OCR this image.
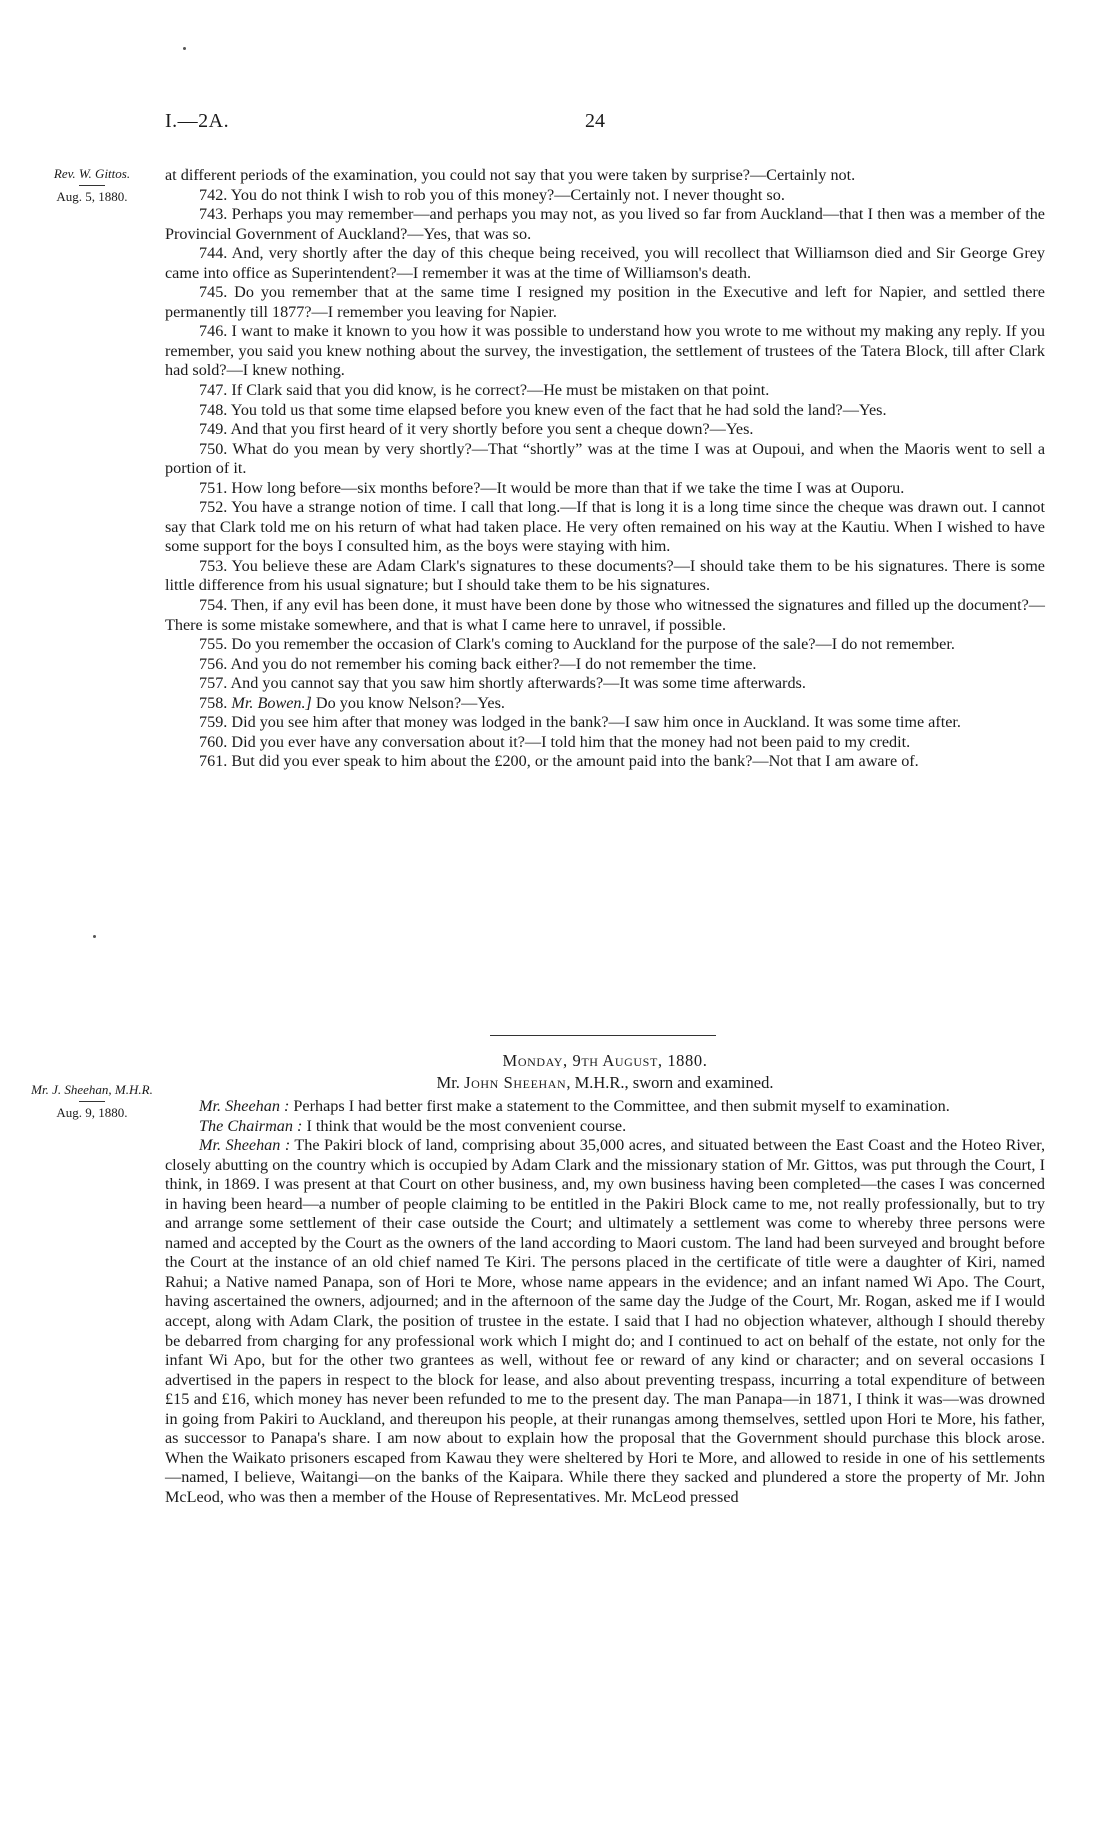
I.—2A.	24
Rev. W. Gittos.
Aug. 5, 1880.

at different periods of the examination, you could not say that you were taken by surprise?—Certainly not.

742. You do not think I wish to rob you of this money?—Certainly not. I never thought so.

743. Perhaps you may remember—and perhaps you may not, as you lived so far from Auckland—that I then was a member of the Provincial Government of Auckland?—Yes, that was so.

744. And, very shortly after the day of this cheque being received, you will recollect that Williamson died and Sir George Grey came into office as Superintendent?—I remember it was at the time of Williamson's death.

745. Do you remember that at the same time I resigned my position in the Executive and left for Napier, and settled there permanently till 1877?—I remember you leaving for Napier.

746. I want to make it known to you how it was possible to understand how you wrote to me without my making any reply. If you remember, you said you knew nothing about the survey, the investigation, the settlement of trustees of the Tatera Block, till after Clark had sold?—I knew nothing.

747. If Clark said that you did know, is he correct?—He must be mistaken on that point.

748. You told us that some time elapsed before you knew even of the fact that he had sold the land?—Yes.

749. And that you first heard of it very shortly before you sent a cheque down?—Yes.

750. What do you mean by very shortly?—That “shortly” was at the time I was at Oupoui, and when the Maoris went to sell a portion of it.

751. How long before—six months before?—It would be more than that if we take the time I was at Ouporu.

752. You have a strange notion of time. I call that long.—If that is long it is a long time since the cheque was drawn out. I cannot say that Clark told me on his return of what had taken place. He very often remained on his way at the Kautiu. When I wished to have some support for the boys I consulted him, as the boys were staying with him.

753. You believe these are Adam Clark's signatures to these documents?—I should take them to be his signatures. There is some little difference from his usual signature; but I should take them to be his signatures.

754. Then, if any evil has been done, it must have been done by those who witnessed the signatures and filled up the document?—There is some mistake somewhere, and that is what I came here to unravel, if possible.

755. Do you remember the occasion of Clark's coming to Auckland for the purpose of the sale?—I do not remember.

756. And you do not remember his coming back either?—I do not remember the time.

757. And you cannot say that you saw him shortly afterwards?—It was some time afterwards.

758. Mr. Bowen.] Do you know Nelson?—Yes.

759. Did you see him after that money was lodged in the bank?—I saw him once in Auckland. It was some time after.

760. Did you ever have any conversation about it?—I told him that the money had not been paid to my credit.

761. But did you ever speak to him about the £200, or the amount paid into the bank?—Not that I am aware of.

Monday, 9th August, 1880.
Mr. John Sheehan, M.H.R., sworn and examined.
Mr. J. Sheehan, M.H.R.
Aug. 9, 1880.	Mr. Sheehan : Perhaps I had better first make a statement to the Committee, and then submit myself to examination.

The Chairman : I think that would be the most convenient course.

Mr. Sheehan : The Pakiri block of land, comprising about 35,000 acres, and situated between the East Coast and the Hoteo River, closely abutting on the country which is occupied by Adam Clark and the missionary station of Mr. Gittos, was put through the Court, I think, in 1869. I was present at that Court on other business, and, my own business having been completed—the cases I was concerned in having been heard—a number of people claiming to be entitled in the Pakiri Block came to me, not really professionally, but to try and arrange some settlement of their case outside the Court; and ultimately a settlement was come to whereby three persons were named and accepted by the Court as the owners of the land according to Maori custom. The land had been surveyed and brought before the Court at the instance of an old chief named Te Kiri. The persons placed in the certificate of title were a daughter of Kiri, named Rahui; a Native named Panapa, son of Hori te More, whose name appears in the evidence; and an infant named Wi Apo. The Court, having ascertained the owners, adjourned; and in the afternoon of the same day the Judge of the Court, Mr. Rogan, asked me if I would accept, along with Adam Clark, the position of trustee in the estate. I said that I had no objection whatever, although I should thereby be debarred from charging for any professional work which I might do; and I continued to act on behalf of the estate, not only for the infant Wi Apo, but for the other two grantees as well, without fee or reward of any kind or character; and on several occasions I advertised in the papers in respect to the block for lease, and also about preventing trespass, incurring a total expenditure of between £15 and £16, which money has never been refunded to me to the present day. The man Panapa—in 1871, I think it was—was drowned in going from Pakiri to Auckland, and thereupon his people, at their runangas among themselves, settled upon Hori te More, his father, as successor to Panapa's share. I am now about to explain how the proposal that the Government should purchase this block arose. When the Waikato prisoners escaped from Kawau they were sheltered by Hori te More, and allowed to reside in one of his settlements—named, I believe, Waitangi—on the banks of the Kaipara. While there they sacked and plundered a store the property of Mr. John McLeod, who was then a member of the House of Representatives. Mr. McLeod pressed
